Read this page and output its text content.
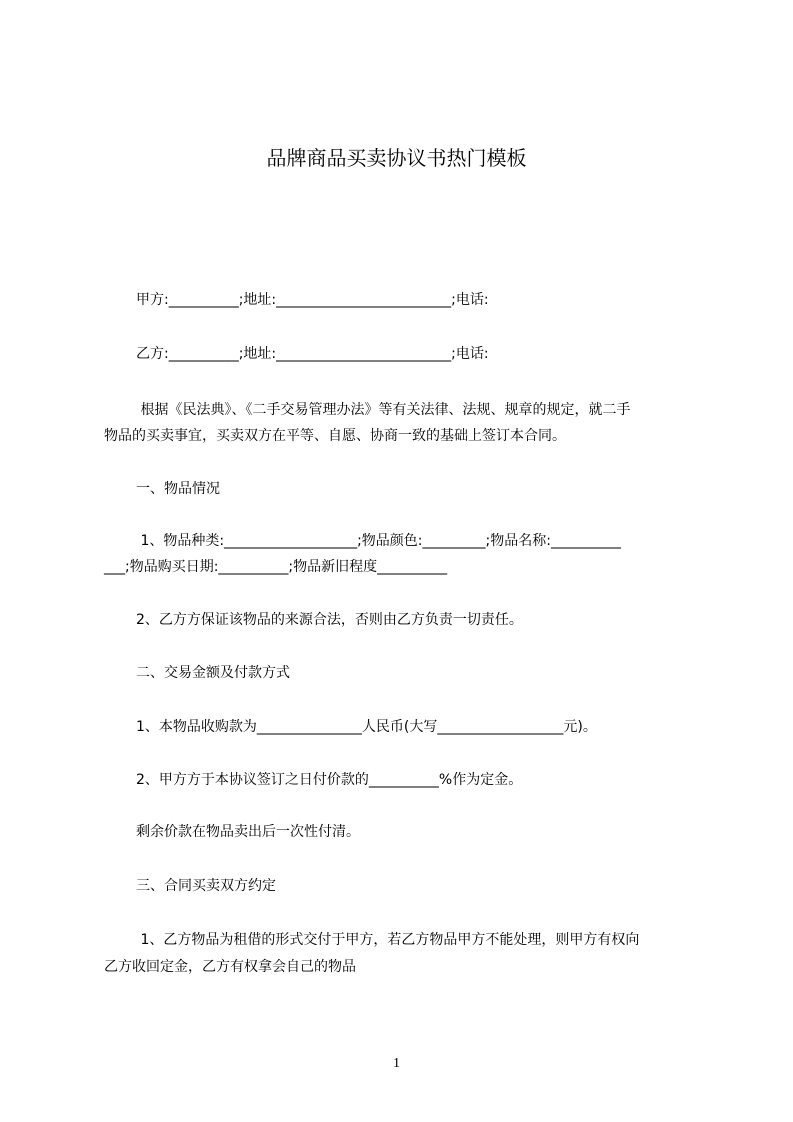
品牌商品买卖协议书热门模板
甲方:__________;地址:_________________________;电话:
乙方:__________;地址:_________________________;电话:
根据《民法典》、《二手交易管理办法》等有关法律、法规、规章的规定，就二手
物品的买卖事宜，买卖双方在平等、自愿、协商一致的基础上签订本合同。
一、物品情况
1、物品种类:___________________;物品颜色:_________;物品名称:__________
___;物品购买日期:__________;物品新旧程度__________
2、乙方方保证该物品的来源合法，否则由乙方负责一切责任。
二、交易金额及付款方式
1、本物品收购款为_______________人民币(大写__________________元)。
2、甲方方于本协议签订之日付价款的__________%作为定金。
剩余价款在物品卖出后一次性付清。
三、合同买卖双方约定
1、乙方物品为租借的形式交付于甲方，若乙方物品甲方不能处理，则甲方有权向
乙方收回定金，乙方有权拿会自己的物品
1
